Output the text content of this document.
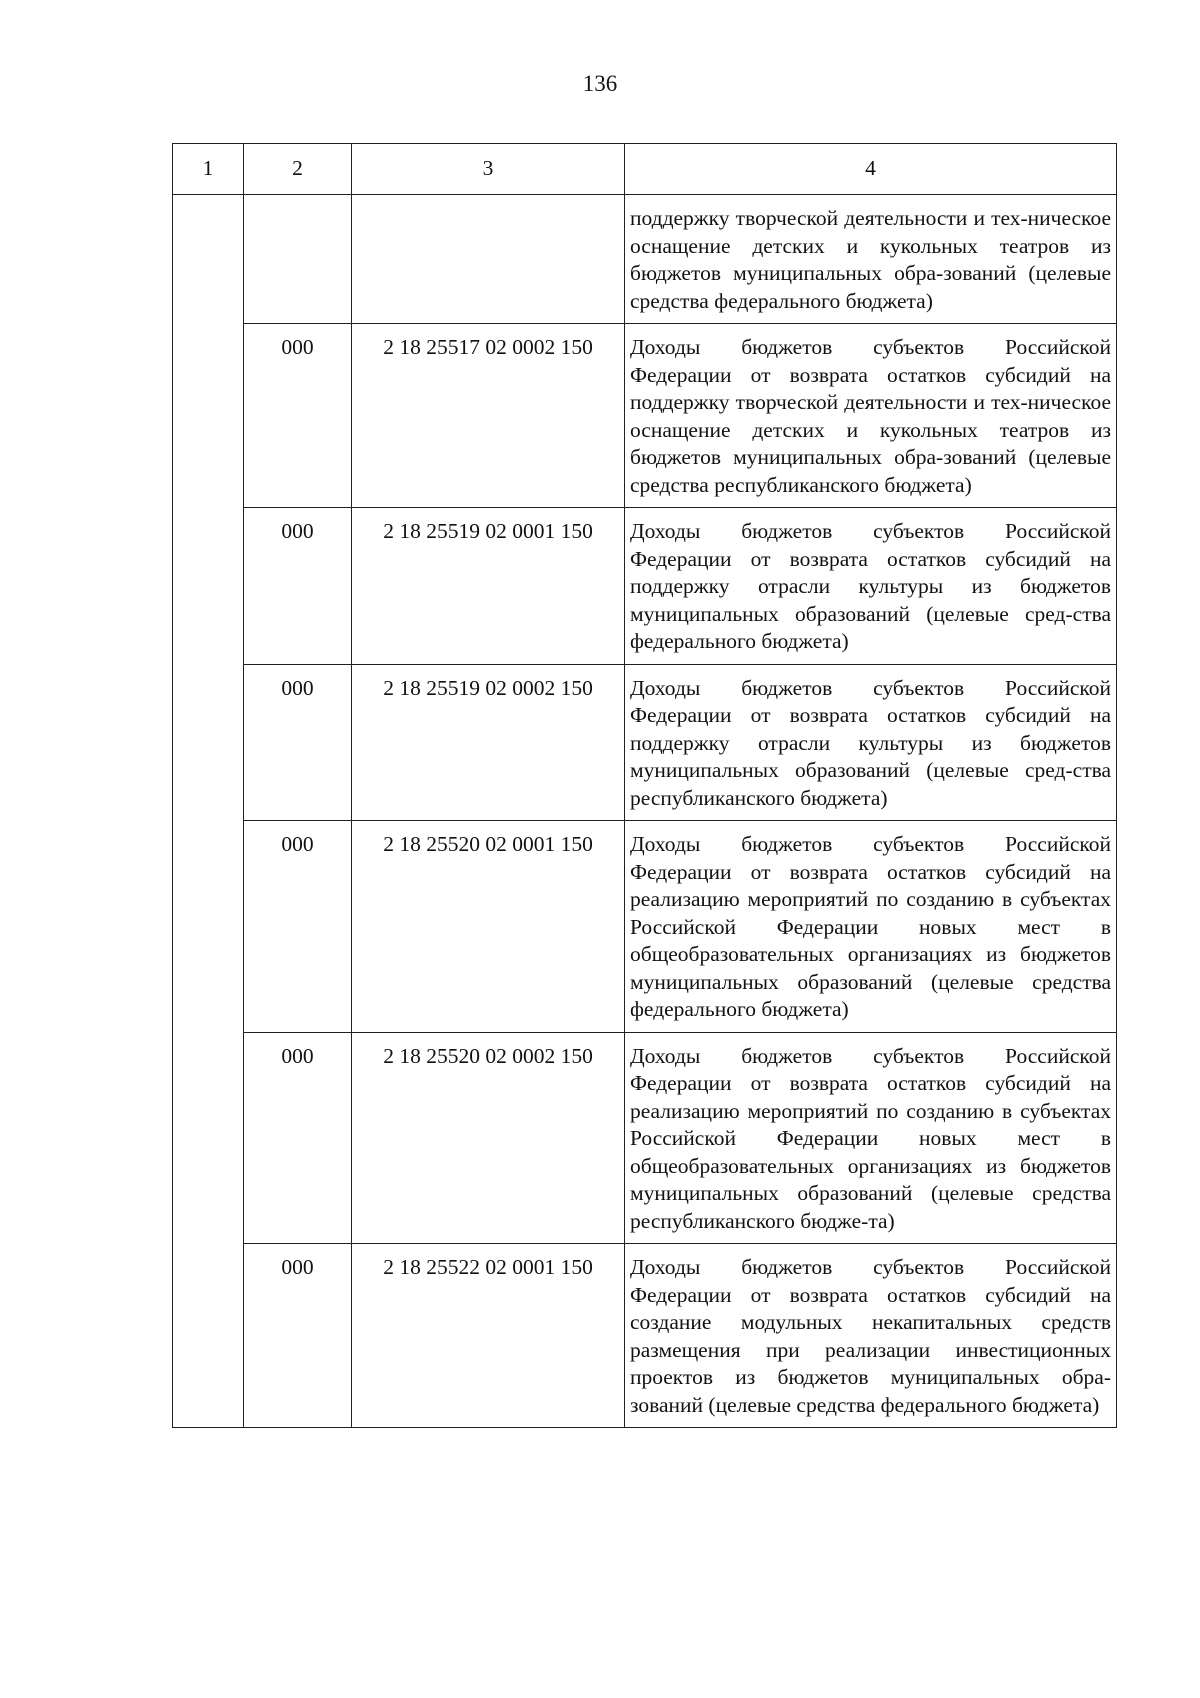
136
1	2	3	4
			поддержку творческой деятельности и тех-ническое оснащение детских и кукольных театров из бюджетов муниципальных обра-зований (целевые средства федерального бюджета)
	000	2 18 25517 02 0002 150	Доходы бюджетов субъектов Российской Федерации от возврата остатков субсидий на поддержку творческой деятельности и тех-ническое оснащение детских и кукольных театров из бюджетов муниципальных обра-зований (целевые средства республиканского бюджета)
	000	2 18 25519 02 0001 150	Доходы бюджетов субъектов Российской Федерации от возврата остатков субсидий на поддержку отрасли культуры из бюджетов муниципальных образований (целевые сред-ства федерального бюджета)
	000	2 18 25519 02 0002 150	Доходы бюджетов субъектов Российской Федерации от возврата остатков субсидий на поддержку отрасли культуры из бюджетов муниципальных образований (целевые сред-ства республиканского бюджета)
	000	2 18 25520 02 0001 150	Доходы бюджетов субъектов Российской Федерации от возврата остатков субсидий на реализацию мероприятий по созданию в субъектах Российской Федерации новых мест в общеобразовательных организациях из бюджетов муниципальных образований (целевые средства федерального бюджета)
	000	2 18 25520 02 0002 150	Доходы бюджетов субъектов Российской Федерации от возврата остатков субсидий на реализацию мероприятий по созданию в субъектах Российской Федерации новых мест в общеобразовательных организациях из бюджетов муниципальных образований (целевые средства республиканского бюдже-та)
	000	2 18 25522 02 0001 150	Доходы бюджетов субъектов Российской Федерации от возврата остатков субсидий на создание модульных некапитальных средств размещения при реализации инвестиционных проектов из бюджетов муниципальных обра-зований (целевые средства федерального бюджета)
